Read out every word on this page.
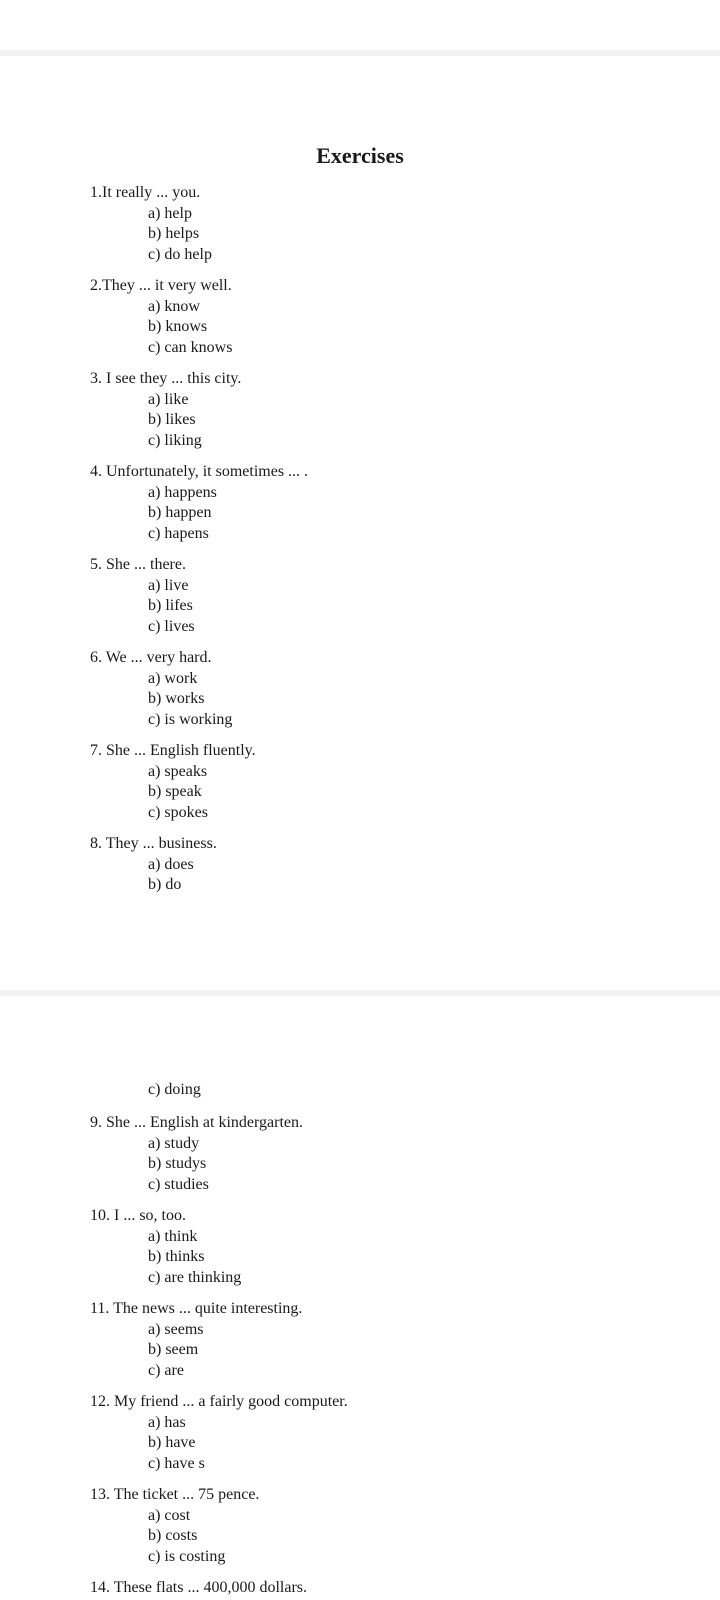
Exercises
1.It really ... you.
a) help
b) helps
c) do help
2.They ... it very well.
a) know
b) knows
c) can knows
3. I see they ... this city.
a) like
b) likes
c) liking
4. Unfortunately, it sometimes ... .
a) happens
b) happen
c) hapens
5. She ... there.
a) live
b) lifes
c) lives
6. We ... very hard.
a) work
b) works
c) is working
7. She ... English fluently.
a) speaks
b) speak
c) spokes
8. They ... business.
a) does
b) do
c) doing
9. She ... English at kindergarten.
a) study
b) studys
c) studies
10. I ... so, too.
a) think
b) thinks
c) are thinking
11. The news ... quite interesting.
a) seems
b) seem
c) are
12. My friend ... a fairly good computer.
a) has
b) have
c) have s
13. The ticket ... 75 pence.
a) cost
b) costs
c) is costing
14. These flats ... 400,000 dollars.
